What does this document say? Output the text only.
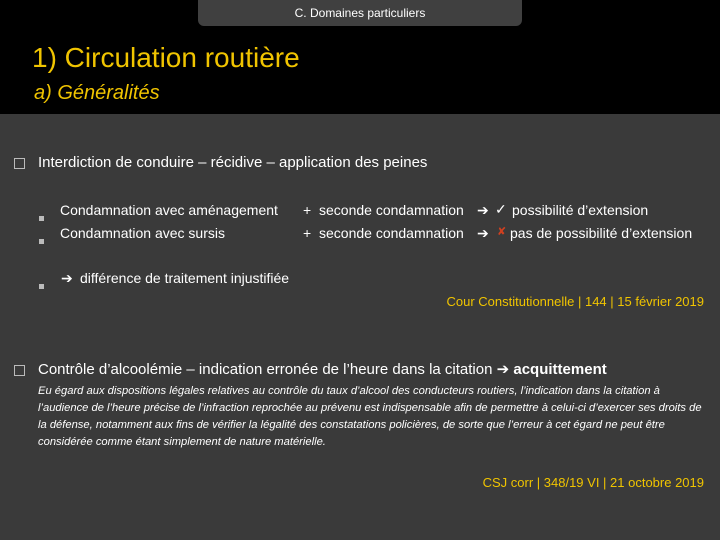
C. Domaines particuliers
1) Circulation routière
a) Généralités
Interdiction de conduire – récidive – application des peines
Condamnation avec aménagement + seconde condamnation ➔ ✓ possibilité d’extension
Condamnation avec sursis	+ seconde condamnation ➔ ✘ pas de possibilité d’extension
➔ différence de traitement injustifiée
Cour Constitutionnelle | 144 | 15 février 2019
Contrôle d’alcoolémie – indication erronée de l’heure dans la citation ➔ acquittement
Eu égard aux dispositions légales relatives au contrôle du taux d’alcool des conducteurs routiers, l’indication dans la citation à l’audience de l’heure précise de l’infraction reprochée au prévenu est indispensable afin de permettre à celui-ci d’exercer ses droits de la défense, notamment aux fins de vérifier la légalité des constatations policières, de sorte que l’erreur à cet égard ne peut être considérée comme étant simplement de nature matérielle.
CSJ corr | 348/19 VI | 21 octobre 2019
